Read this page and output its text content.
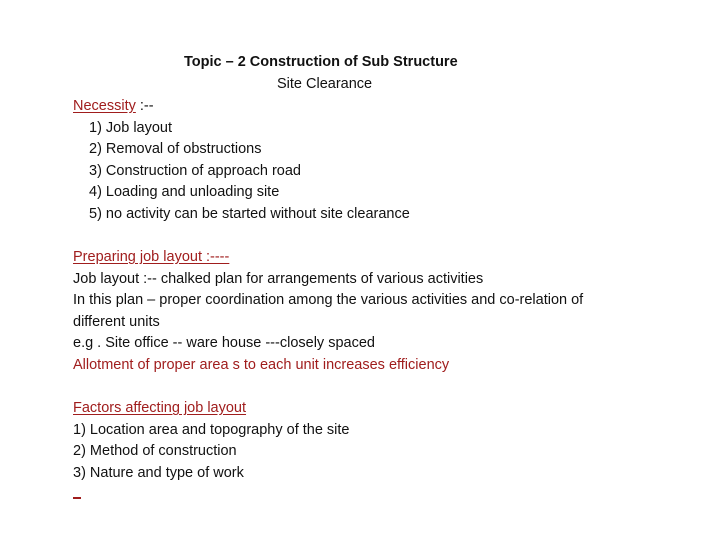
Topic – 2 Construction of Sub Structure
Site Clearance
Necessity :--
1) Job layout
2) Removal of obstructions
3) Construction of approach road
4) Loading and unloading site
5) no activity can be started without site clearance
Preparing job layout :----
Job layout :-- chalked plan for arrangements of various activities
In this plan – proper coordination among the various activities and co-relation of
different units
e.g . Site office -- ware house ---closely spaced
Allotment of proper area s to each unit increases efficiency
Factors affecting job layout
1) Location area and topography of the site
2) Method of construction
3) Nature and type of work
